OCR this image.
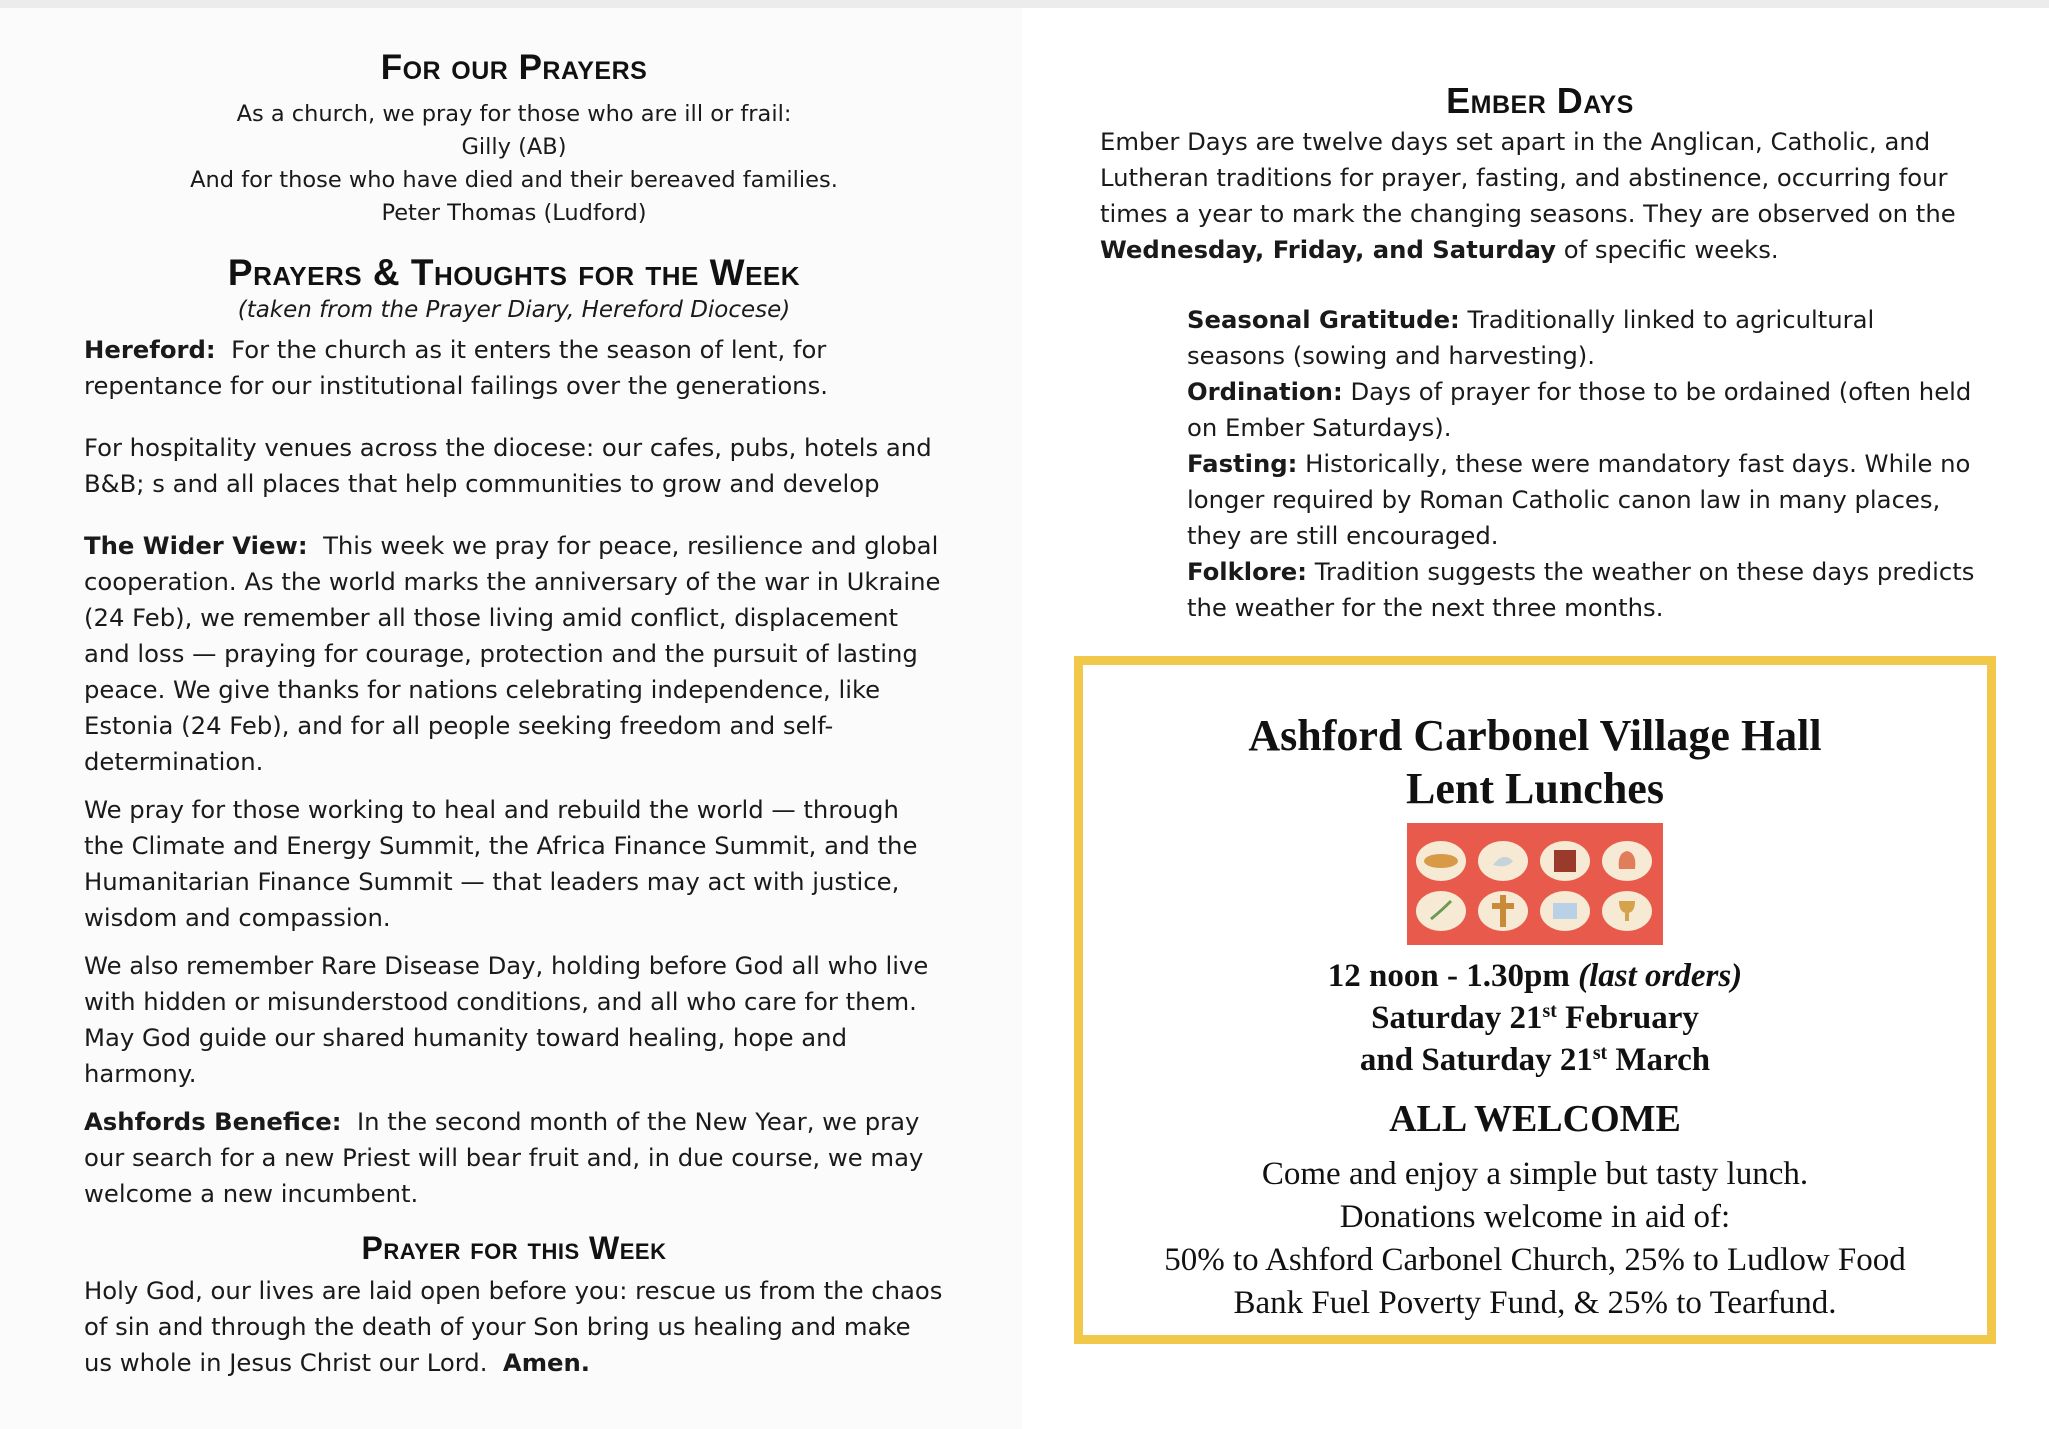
For our Prayers

As a church, we pray for those who are ill or frail:

Gilly (AB)

And for those who have died and their bereaved families.

Peter Thomas (Ludford)

Prayers & Thoughts for the Week

(taken from the Prayer Diary, Hereford Diocese)

Hereford: For the church as it enters the season of lent, for repentance for our institutional failings over the generations.

For hospitality venues across the diocese: our cafes, pubs, hotels and B&B; s and all places that help communities to grow and develop

The Wider View: This week we pray for peace, resilience and global cooperation. As the world marks the anniversary of the war in Ukraine (24 Feb), we remember all those living amid conflict, displacement and loss — praying for courage, protection and the pursuit of lasting peace. We give thanks for nations celebrating independence, like Estonia (24 Feb), and for all people seeking freedom and self-determination.

We pray for those working to heal and rebuild the world — through the Climate and Energy Summit, the Africa Finance Summit, and the Humanitarian Finance Summit — that leaders may act with justice, wisdom and compassion.

We also remember Rare Disease Day, holding before God all who live with hidden or misunderstood conditions, and all who care for them. May God guide our shared humanity toward healing, hope and harmony.

Ashfords Benefice: In the second month of the New Year, we pray our search for a new Priest will bear fruit and, in due course, we may welcome a new incumbent.

Prayer for this Week

Holy God, our lives are laid open before you: rescue us from the chaos of sin and through the death of your Son bring us healing and make us whole in Jesus Christ our Lord. Amen.

Ember Days

Ember Days are twelve days set apart in the Anglican, Catholic, and Lutheran traditions for prayer, fasting, and abstinence, occurring four times a year to mark the changing seasons. They are observed on the Wednesday, Friday, and Saturday of specific weeks.

Seasonal Gratitude: Traditionally linked to agricultural seasons (sowing and harvesting).

Ordination: Days of prayer for those to be ordained (often held on Ember Saturdays).

Fasting: Historically, these were mandatory fast days. While no longer required by Roman Catholic canon law in many places, they are still encouraged.

Folklore: Tradition suggests the weather on these days predicts the weather for the next three months.

Ashford Carbonel Village Hall
Lent Lunches
12 noon - 1.30pm (last orders)
Saturday 21st February
and Saturday 21st March
ALL WELCOME
Come and enjoy a simple but tasty lunch.
Donations welcome in aid of:
50% to Ashford Carbonel Church, 25% to Ludlow Food
Bank Fuel Poverty Fund, & 25% to Tearfund.
